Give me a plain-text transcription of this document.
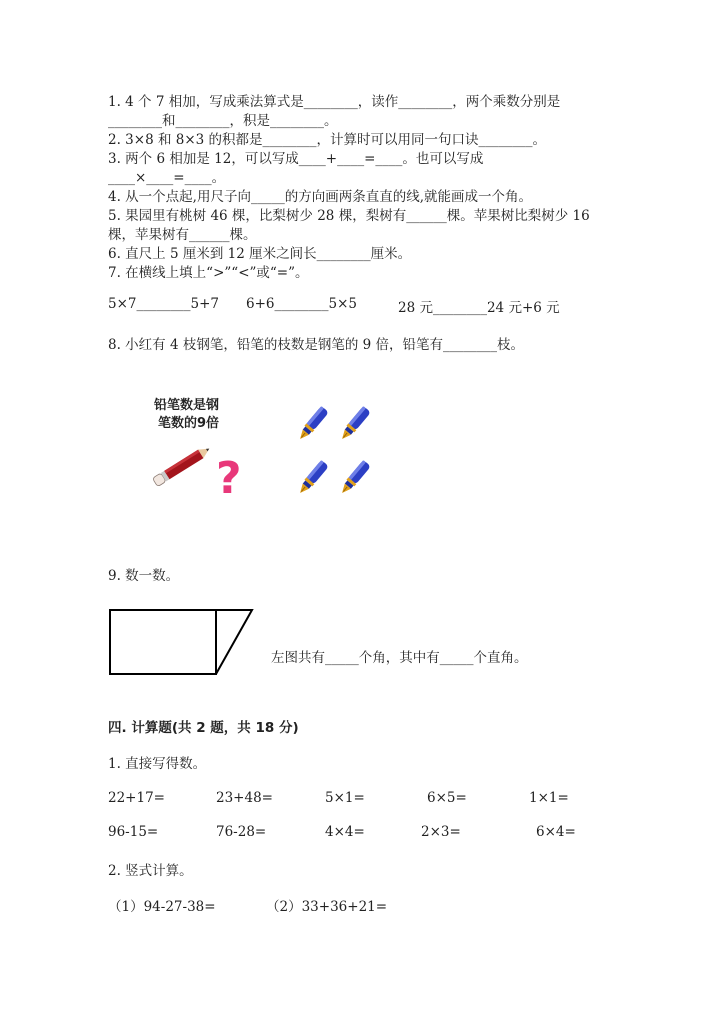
1. 4 个 7 相加，写成乘法算式是________，读作________，两个乘数分别是
________和________，积是________。
2. 3×8 和 8×3 的积都是________，计算时可以用同一句口诀________。
3. 两个 6 相加是 12，可以写成____+____=____。也可以写成
____×____=____。
4. 从一个点起,用尺子向_____的方向画两条直直的线,就能画成一个角。
5. 果园里有桃树 46 棵，比梨树少 28 棵，梨树有______棵。苹果树比梨树少 16
棵，苹果树有______棵。
6. 直尺上 5 厘米到 12 厘米之间长________厘米。
7. 在横线上填上“>”“<”或“=”。
5×7________5+7 6+6________5×5	28 元________24 元+6 元
8. 小红有 4 枝钢笔，铅笔的枝数是钢笔的 9 倍，铅笔有________枝。
铅笔数是钢
笔数的9倍
?
9. 数一数。
左图共有_____个角，其中有_____个直角。
四. 计算题(共 2 题，共 18 分)
1. 直接写得数。
22+17=	23+48=	5×1=	6×5=	1×1=
96-15=	76-28=	4×4=	2×3=	6×4=
2. 竖式计算。
（1）94-27-38=	（2）33+36+21=
